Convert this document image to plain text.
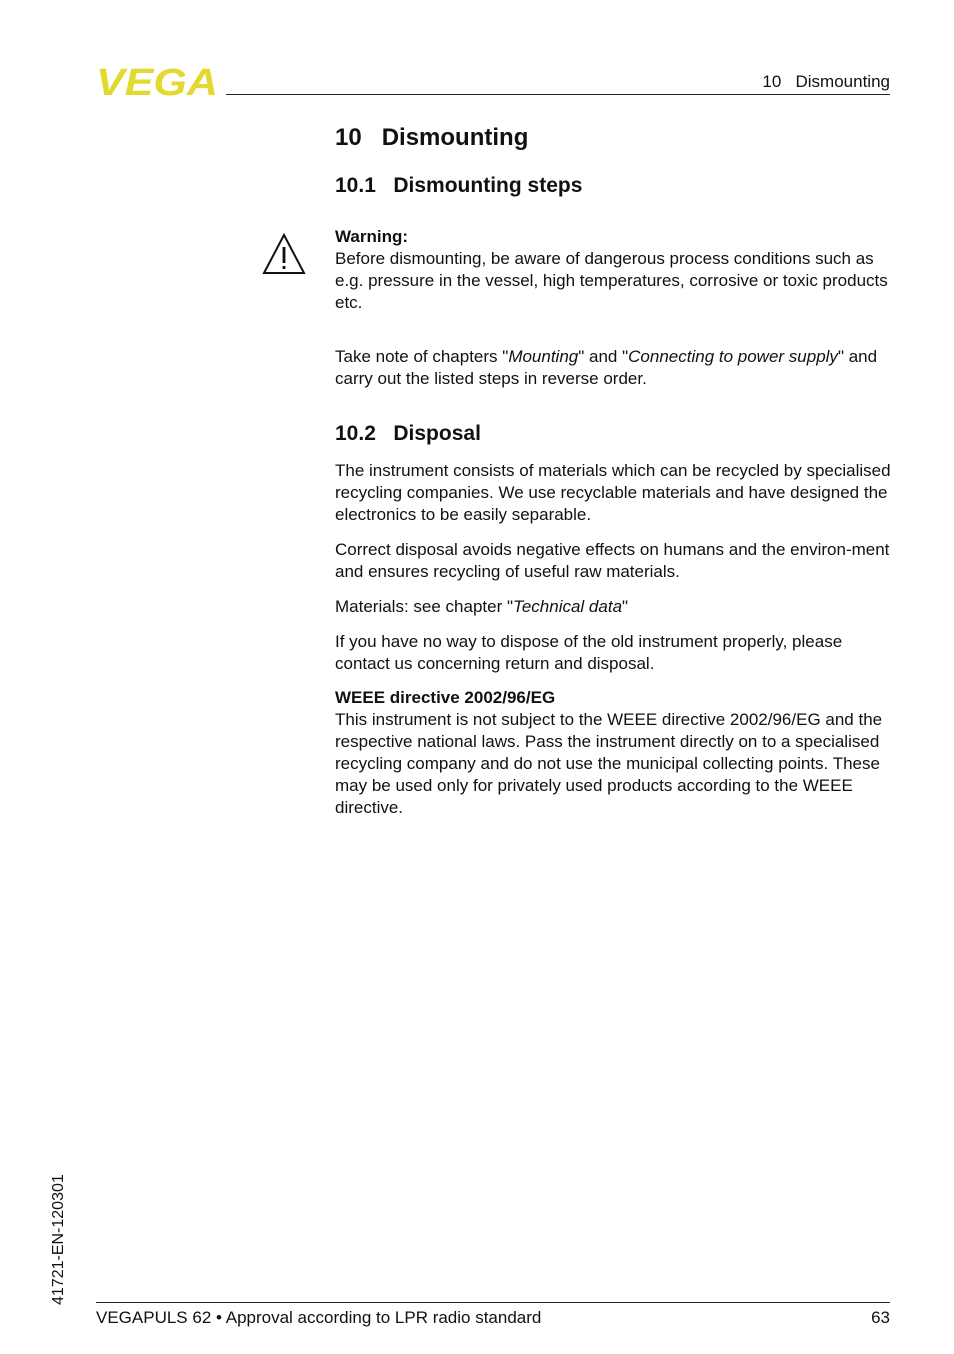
VEGA	10   Dismounting
10   Dismounting
10.1   Dismounting steps
Warning:

Before dismounting, be aware of dangerous process conditions such as e.g. pressure in the vessel, high temperatures, corrosive or toxic products etc.

Take note of chapters "Mounting" and "Connecting to power supply" and carry out the listed steps in reverse order.

10.2   Disposal

The instrument consists of materials which can be recycled by specialised recycling companies. We use recyclable materials and have designed the electronics to be easily separable.

Correct disposal avoids negative effects on humans and the environ-ment and ensures recycling of useful raw materials.

Materials: see chapter "Technical data"

If you have no way to dispose of the old instrument properly, please contact us concerning return and disposal.

WEEE directive 2002/96/EG

This instrument is not subject to the WEEE directive 2002/96/EG and the respective national laws. Pass the instrument directly on to a specialised recycling company and do not use the municipal collecting points. These may be used only for privately used products according to the WEEE directive.

41721-EN-120301
VEGAPULS 62 • Approval according to LPR radio standard	63
